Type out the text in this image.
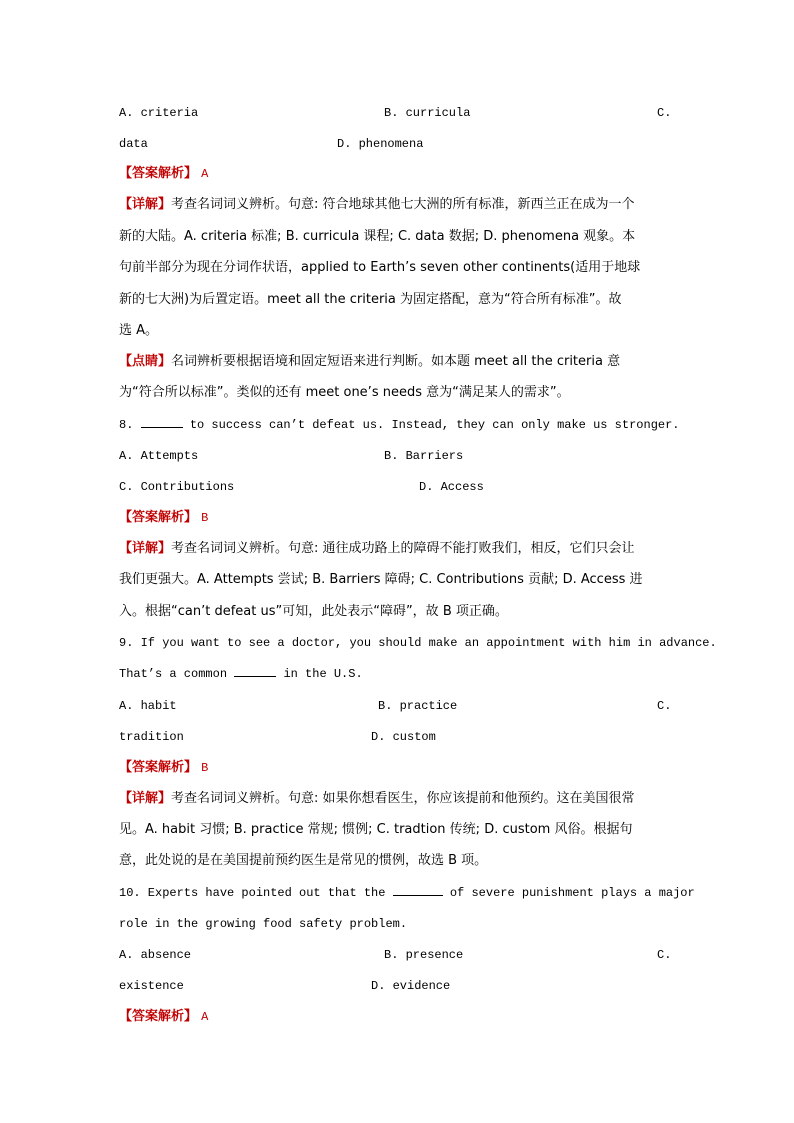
A. criteria	B. curricula	C.
data	D. phenomena
【答案解析】 A
【详解】考查名词词义辨析。句意: 符合地球其他七大洲的所有标准，新西兰正在成为一个
新的大陆。A. criteria 标准; B. curricula 课程; C. data 数据; D. phenomena 观象。本
句前半部分为现在分词作状语，applied to Earth’s seven other continents(适用于地球
新的七大洲)为后置定语。meet all the criteria 为固定搭配，意为“符合所有标准”。故
选 A。
【点睛】名词辨析要根据语境和固定短语来进行判断。如本题 meet all the criteria 意
为“符合所以标准”。类似的还有 meet one’s needs 意为“满足某人的需求”。
8.	to success can’t defeat us. Instead, they can only make us stronger.
A. Attempts	B. Barriers
C. Contributions	D. Access
【答案解析】 B
【详解】考查名词词义辨析。句意: 通往成功路上的障碍不能打败我们，相反，它们只会让
我们更强大。A. Attempts 尝试; B. Barriers 障碍; C. Contributions 贡献; D. Access 进
入。根据“can’t defeat us”可知，此处表示“障碍”，故 B 项正确。
9. If you want to see a doctor, you should make an appointment with him in advance.
That’s a common	in the U.S.
A. habit	B. practice	C.
tradition	D. custom
【答案解析】 B
【详解】考查名词词义辨析。句意: 如果你想看医生，你应该提前和他预约。这在美国很常
见。A. habit 习惯; B. practice 常规; 惯例; C. tradtion 传统; D. custom 风俗。根据句
意，此处说的是在美国提前预约医生是常见的惯例，故选 B 项。
10. Experts have pointed out that the	of severe punishment plays a major
role in the growing food safety problem.
A. absence	B. presence	C.
existence	D. evidence
【答案解析】 A
